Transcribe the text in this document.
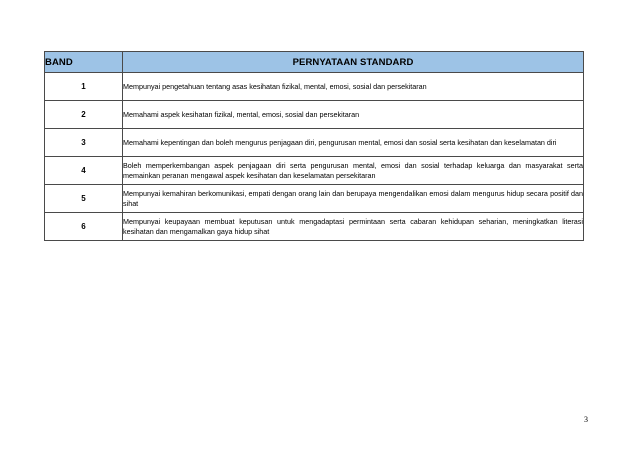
BAND	PERNYATAAN STANDARD
1	Mempunyai pengetahuan tentang asas kesihatan fizikal, mental, emosi, sosial dan persekitaran
2	Memahami aspek kesihatan fizikal, mental, emosi, sosial dan persekitaran
3	Memahami kepentingan dan boleh mengurus penjagaan diri, pengurusan mental, emosi dan sosial serta kesihatan dan keselamatan diri
4	Boleh memperkembangan aspek penjagaan diri serta pengurusan mental, emosi dan sosial terhadap keluarga dan masyarakat serta memainkan peranan mengawal aspek kesihatan dan keselamatan persekitaran
5	Mempunyai kemahiran berkomunikasi, empati dengan orang lain dan berupaya mengendalikan emosi dalam mengurus hidup secara positif dan sihat
6	Mempunyai keupayaan membuat keputusan untuk mengadaptasi permintaan serta cabaran kehidupan seharian, meningkatkan literasi kesihatan dan mengamalkan gaya hidup sihat
3
